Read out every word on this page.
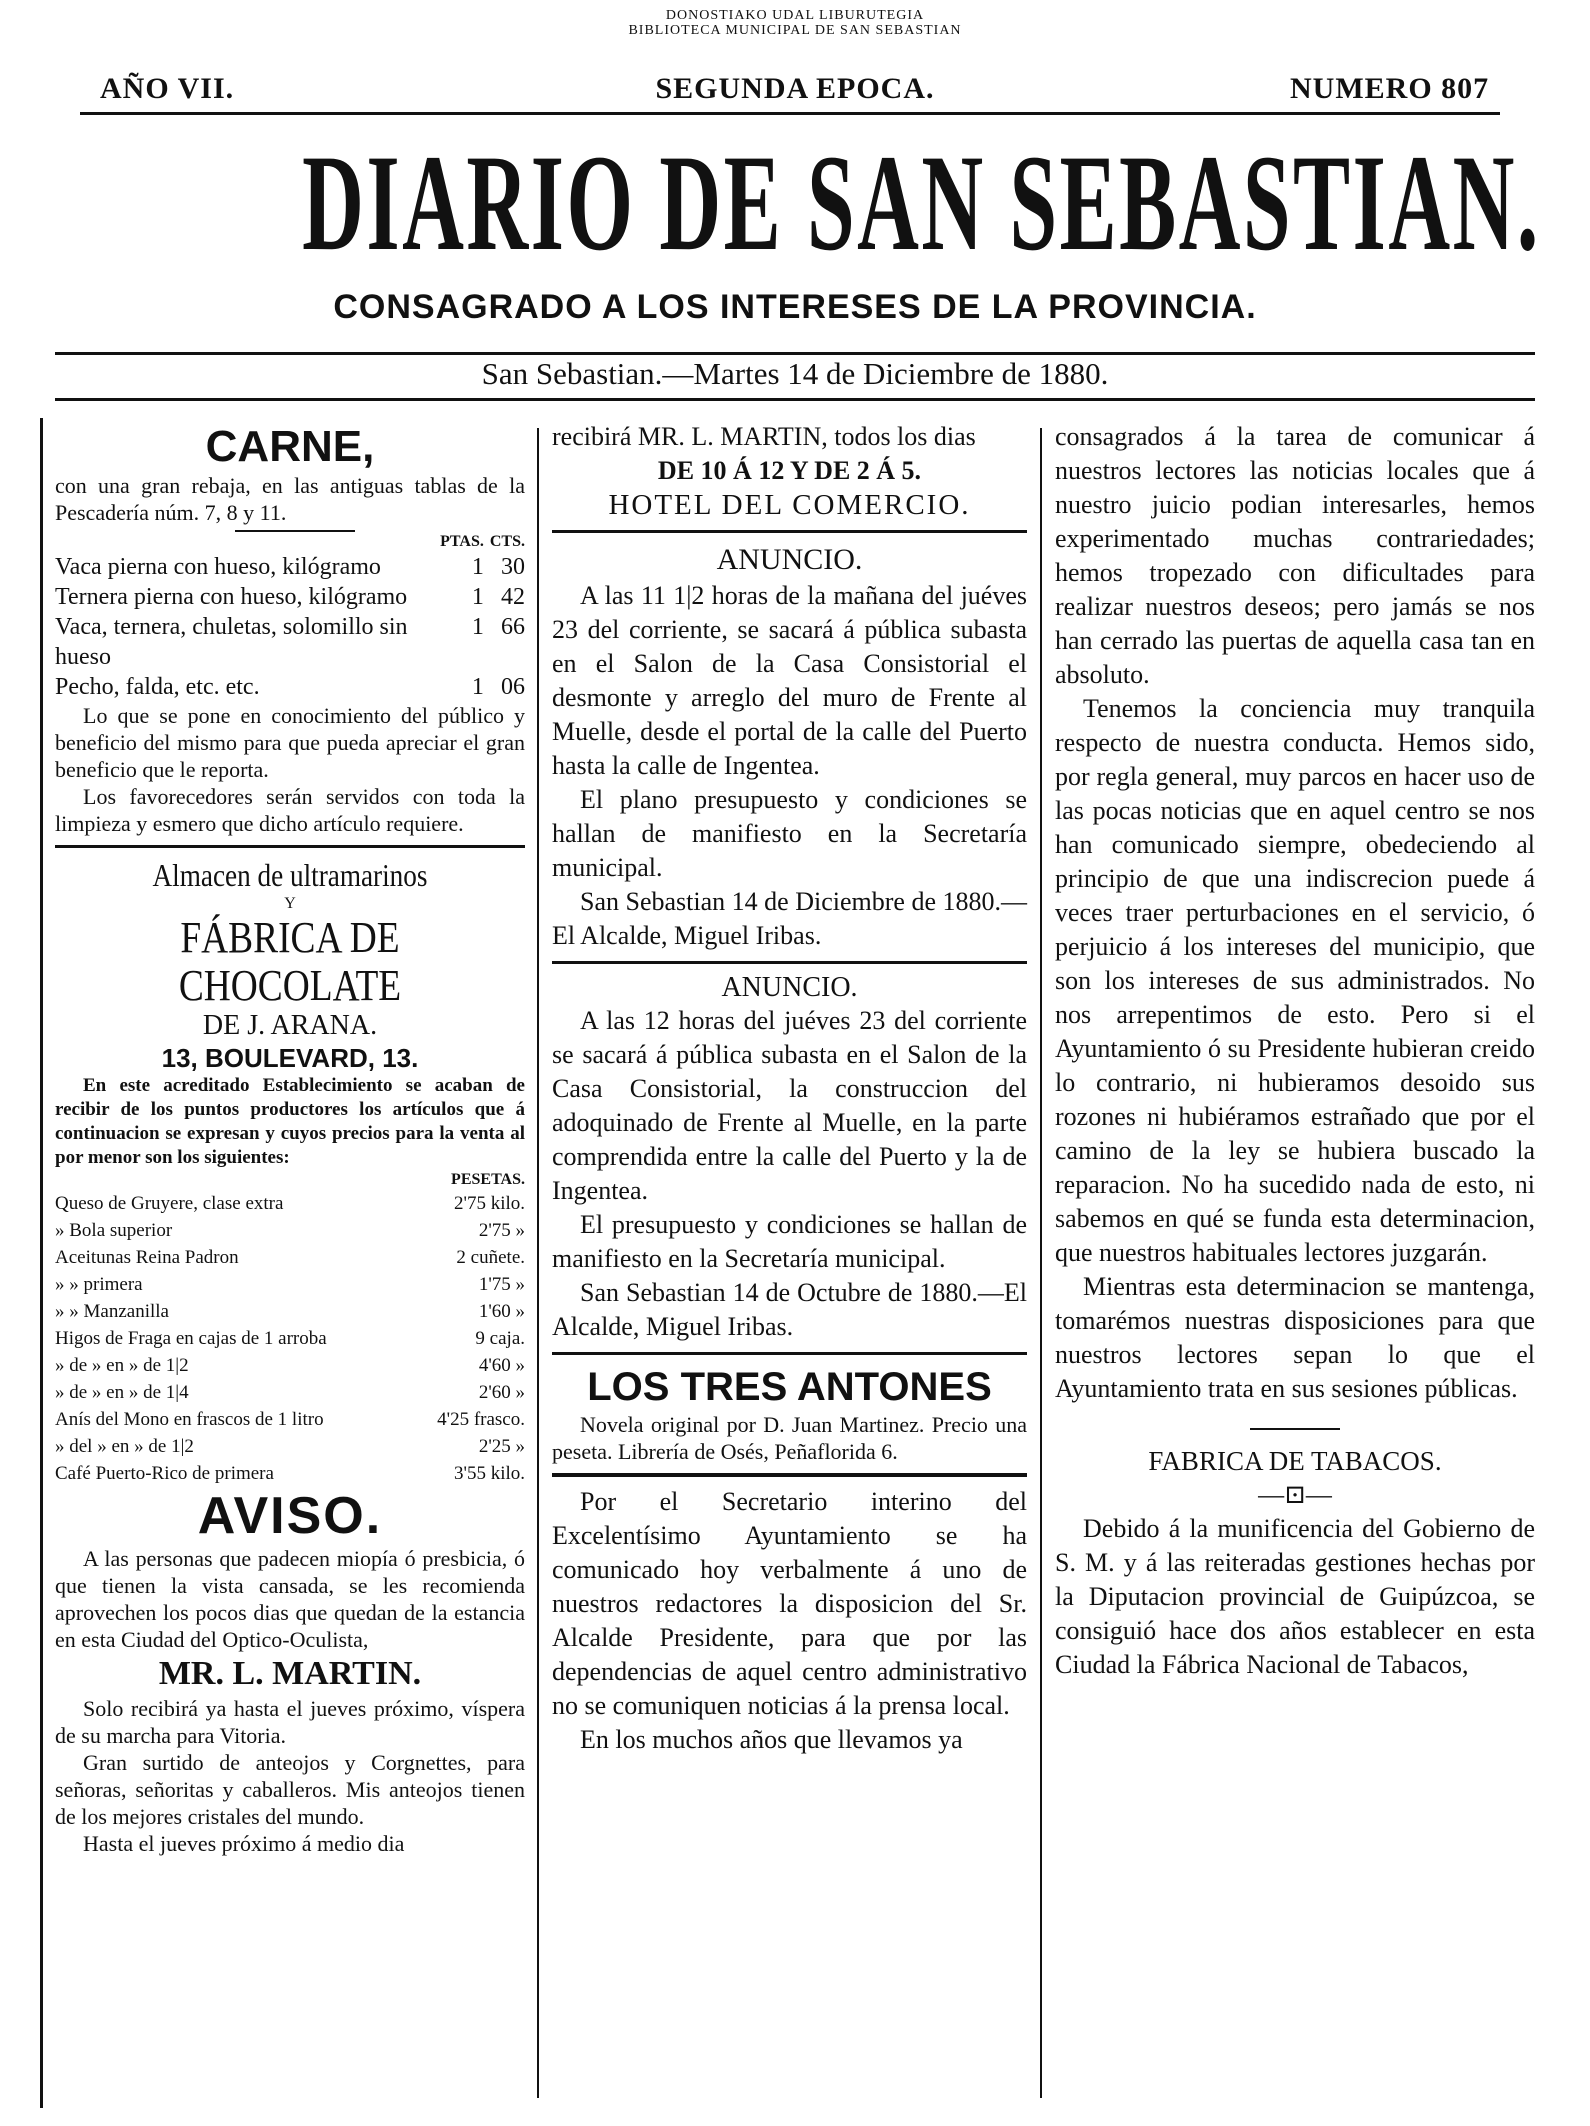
DONOSTIAKO UDAL LIBURUTEGIA
BIBLIOTECA MUNICIPAL DE SAN SEBASTIAN
AÑO VII.	SEGUNDA EPOCA.	NUMERO 807
DIARIO DE SAN SEBASTIAN.
CONSAGRADO A LOS INTERESES DE LA PROVINCIA.
San Sebastian.—Martes 14 de Diciembre de 1880.
CARNE,

con una gran rebaja, en las antiguas tablas de la Pescadería núm. 7, 8 y 11.

	PTAS.	CTS.
Vaca pierna con hueso, kilógramo	1	30
Ternera pierna con hueso, kilógramo	1	42
Vaca, ternera, chuletas, solomillo sin hueso	1	66
Pecho, falda, etc. etc.	1	06

Lo que se pone en conocimiento del público y beneficio del mismo para que pueda apreciar el gran beneficio que le reporta.

Los favorecedores serán servidos con toda la limpieza y esmero que dicho artículo requiere.

Almacen de ultramarinos
Y
FÁBRICA DE CHOCOLATE
DE J. ARANA.
13, BOULEVARD, 13.

En este acreditado Establecimiento se acaban de recibir de los puntos productores los artículos que á continuacion se expresan y cuyos precios para la venta al por menor son los siguientes:

	PESETAS.
Queso de Gruyere, clase extra	2'75 kilo.
» Bola superior	2'75 »
Aceitunas Reina Padron	2 cuñete.
» » primera	1'75 »
» » Manzanilla	1'60 »
Higos de Fraga en cajas de 1 arroba	9 caja.
» de » en » de 1|2	4'60 »
» de » en » de 1|4	2'60 »
Anís del Mono en frascos de 1 litro	4'25 frasco.
» del » en » de 1|2	2'25 »
Café Puerto-Rico de primera	3'55 kilo.
AVISO.

A las personas que padecen miopía ó presbicia, ó que tienen la vista cansada, se les recomienda aprovechen los pocos dias que quedan de la estancia en esta Ciudad del Optico-Oculista,

MR. L. MARTIN.

Solo recibirá ya hasta el jueves próximo, víspera de su marcha para Vitoria.

Gran surtido de anteojos y Corgnettes, para señoras, señoritas y caballeros. Mis anteojos tienen de los mejores cristales del mundo.

Hasta el jueves próximo á medio dia

recibirá MR. L. MARTIN, todos los dias

DE 10 Á 12 Y DE 2 Á 5.
HOTEL DEL COMERCIO.
ANUNCIO.

A las 11 1|2 horas de la mañana del juéves 23 del corriente, se sacará á pública subasta en el Salon de la Casa Consistorial el desmonte y arreglo del muro de Frente al Muelle, desde el portal de la calle del Puerto hasta la calle de Ingentea.

El plano presupuesto y condiciones se hallan de manifiesto en la Secretaría municipal.

San Sebastian 14 de Diciembre de 1880.—El Alcalde, Miguel Iribas.

ANUNCIO.

A las 12 horas del juéves 23 del corriente se sacará á pública subasta en el Salon de la Casa Consistorial, la construccion del adoquinado de Frente al Muelle, en la parte comprendida entre la calle del Puerto y la de Ingentea.

El presupuesto y condiciones se hallan de manifiesto en la Secretaría municipal.

San Sebastian 14 de Octubre de 1880.—El Alcalde, Miguel Iribas.

LOS TRES ANTONES

Novela original por D. Juan Martinez. Precio una peseta. Librería de Osés, Peñaflorida 6.

Por el Secretario interino del Excelentísimo Ayuntamiento se ha comunicado hoy verbalmente á uno de nuestros redactores la disposicion del Sr. Alcalde Presidente, para que por las dependencias de aquel centro administrativo no se comuniquen noticias á la prensa local.

En los muchos años que llevamos ya

consagrados á la tarea de comunicar á nuestros lectores las noticias locales que á nuestro juicio podian interesarles, hemos experimentado muchas contrariedades; hemos tropezado con dificultades para realizar nuestros deseos; pero jamás se nos han cerrado las puertas de aquella casa tan en absoluto.

Tenemos la conciencia muy tranquila respecto de nuestra conducta. Hemos sido, por regla general, muy parcos en hacer uso de las pocas noticias que en aquel centro se nos han comunicado siempre, obedeciendo al principio de que una indiscrecion puede á veces traer perturbaciones en el servicio, ó perjuicio á los intereses del municipio, que son los intereses de sus administrados. No nos arrepentimos de esto. Pero si el Ayuntamiento ó su Presidente hubieran creido lo contrario, ni hubieramos desoido sus rozones ni hubiéramos estrañado que por el camino de la ley se hubiera buscado la reparacion. No ha sucedido nada de esto, ni sabemos en qué se funda esta determinacion, que nuestros habituales lectores juzgarán.

Mientras esta determinacion se mantenga, tomarémos nuestras disposiciones para que nuestros lectores sepan lo que el Ayuntamiento trata en sus sesiones públicas.

FABRICA DE TABACOS.
—⊡—

Debido á la munificencia del Gobierno de S. M. y á las reiteradas gestiones hechas por la Diputacion provincial de Guipúzcoa, se consiguió hace dos años establecer en esta Ciudad la Fábrica Nacional de Tabacos,
